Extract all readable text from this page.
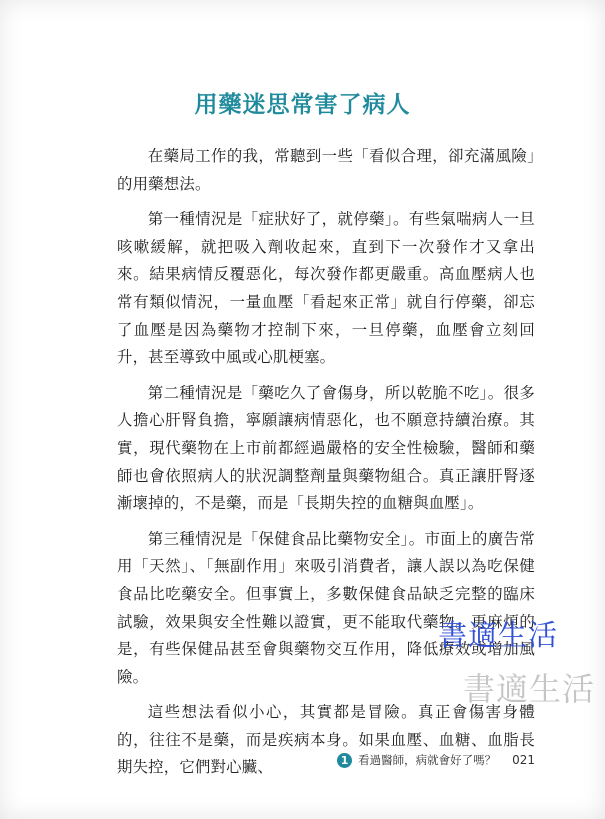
用藥迷思常害了病人

在藥局工作的我，常聽到一些「看似合理，卻充滿風險」的用藥想法。

第一種情況是「症狀好了，就停藥」。有些氣喘病人一旦咳嗽緩解，就把吸入劑收起來，直到下一次發作才又拿出來。結果病情反覆惡化，每次發作都更嚴重。高血壓病人也常有類似情況，一量血壓「看起來正常」就自行停藥，卻忘了血壓是因為藥物才控制下來，一旦停藥，血壓會立刻回升，甚至導致中風或心肌梗塞。

第二種情況是「藥吃久了會傷身，所以乾脆不吃」。很多人擔心肝腎負擔，寧願讓病情惡化，也不願意持續治療。其實，現代藥物在上市前都經過嚴格的安全性檢驗，醫師和藥師也會依照病人的狀況調整劑量與藥物組合。真正讓肝腎逐漸壞掉的，不是藥，而是「長期失控的血糖與血壓」。

第三種情況是「保健食品比藥物安全」。市面上的廣告常用「天然」、「無副作用」來吸引消費者，讓人誤以為吃保健食品比吃藥安全。但事實上，多數保健食品缺乏完整的臨床試驗，效果與安全性難以證實，更不能取代藥物。更麻煩的是，有些保健品甚至會與藥物交互作用，降低療效或增加風險。

這些想法看似小心，其實都是冒險。真正會傷害身體的，往往不是藥，而是疾病本身。如果血壓、血糖、血脂長期失控，它們對心臟、

書適生活
書適生活
1 看過醫師，病就會好了嗎？ 021
